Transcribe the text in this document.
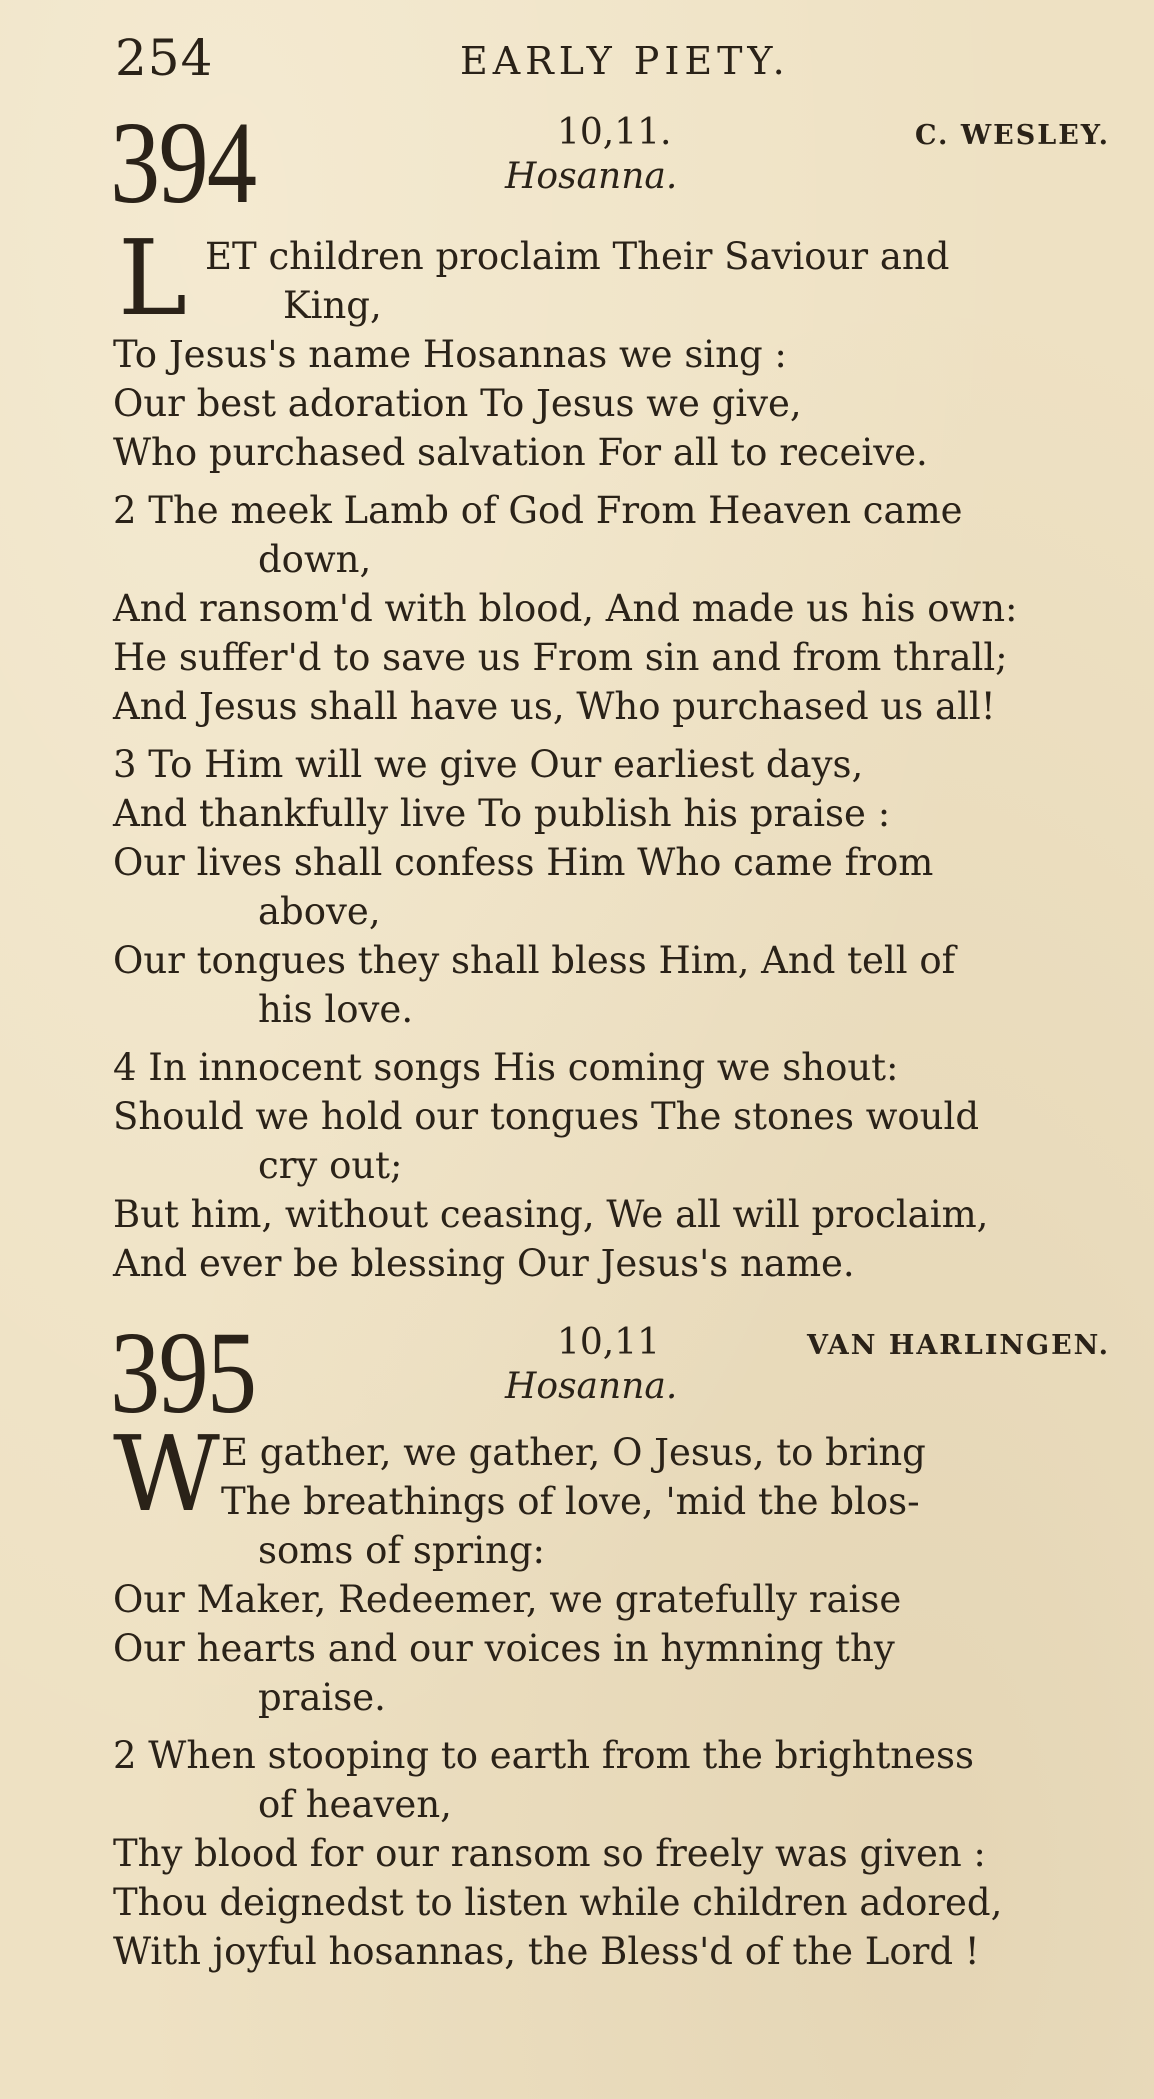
254	EARLY PIETY.
394	10,11.
Hosanna.
C. WESLEY.
L ET children proclaim Their Saviour and
King,
To Jesus's name Hosannas we sing :
Our best adoration To Jesus we give,
Who purchased salvation For all to receive.
2 The meek Lamb of God From Heaven came
down,
And ransom'd with blood, And made us his own:
He suffer'd to save us From sin and from thrall;
And Jesus shall have us, Who purchased us all!
3 To Him will we give Our earliest days,
And thankfully live To publish his praise :
Our lives shall confess Him Who came from
above,
Our tongues they shall bless Him, And tell of
his love.
4 In innocent songs His coming we shout:
Should we hold our tongues The stones would
cry out;
But him, without ceasing, We all will proclaim,
And ever be blessing Our Jesus's name.
395	10,11
Hosanna.
VAN HARLINGEN.
W E gather, we gather, O Jesus, to bring
The breathings of love, 'mid the blos-
soms of spring:
Our Maker, Redeemer, we gratefully raise
Our hearts and our voices in hymning thy
praise.
2 When stooping to earth from the brightness
of heaven,
Thy blood for our ransom so freely was given :
Thou deignedst to listen while children adored,
With joyful hosannas, the Bless'd of the Lord !
